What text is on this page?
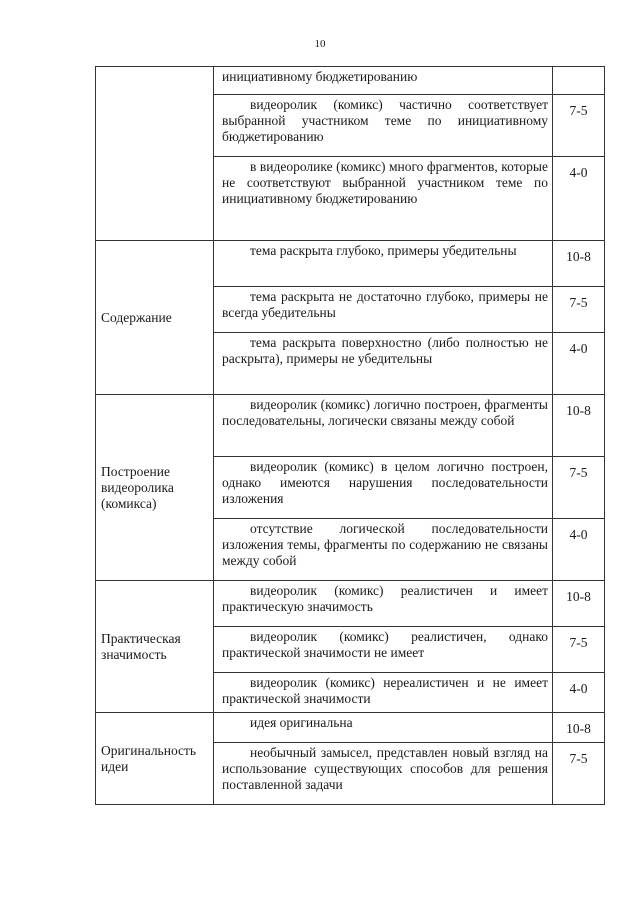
10
	инициативному бюджетированию	
	видеоролик (комикс) частично соответствует выбранной участником теме по инициативному бюджетированию	7-5
	в видеоролике (комикс) много фрагментов, которые не соответствуют выбранной участником теме по инициативному бюджетированию	4-0
Содержание	тема раскрыта глубоко, примеры убедительны	10-8
	тема раскрыта не достаточно глубоко, примеры не всегда убедительны	7-5
	тема раскрыта поверхностно (либо полностью не раскрыта), примеры не убедительны	4-0
Построение видеоролика (комикса)	видеоролик (комикс) логично построен, фрагменты последовательны, логически связаны между собой	10-8
	видеоролик (комикс) в целом логично построен, однако имеются нарушения последовательности изложения	7-5
	отсутствие логической последовательности изложения темы, фрагменты по содержанию не связаны между собой	4-0
Практическая значимость	видеоролик (комикс) реалистичен и имеет практическую значимость	10-8
	видеоролик (комикс) реалистичен, однако практической значимости не имеет	7-5
	видеоролик (комикс) нереалистичен и не имеет практической значимости	4-0
Оригинальность идеи	идея оригинальна	10-8
	необычный замысел, представлен новый взгляд на использование существующих способов для решения поставленной задачи	7-5
